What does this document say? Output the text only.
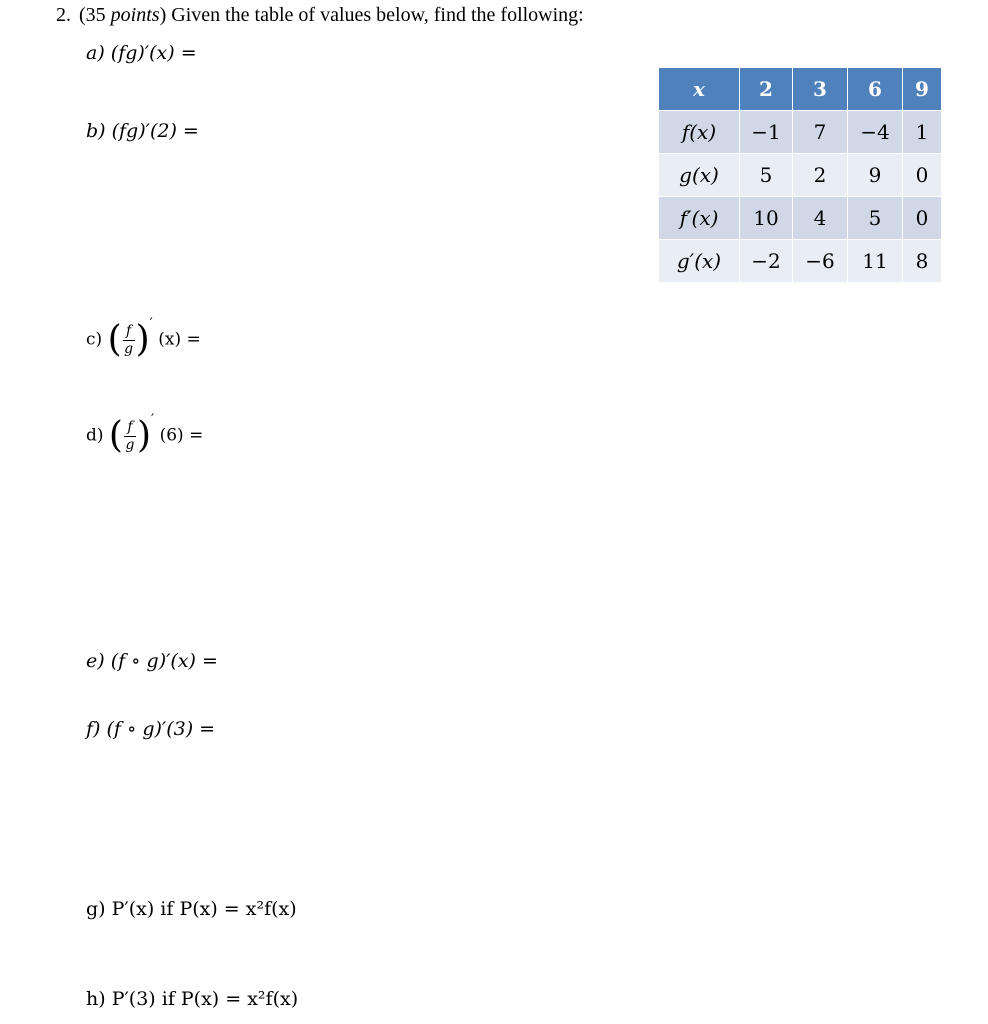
2. (35 points) Given the table of values below, find the following:
a) (fg)′(x) =
b) (fg)′(2) =
c) ( $\frac{f}{g} )'$ (x) =
d) ( $\frac{f}{g} )'$ (6) =
e) (f ∘ g)′(x) =
f) (f ∘ g)′(3) =
g) P′(x) if P(x) = x²f(x)
h) P′(3) if P(x) = x²f(x)
x	2	3	6	9
f(x)	−1	7	−4	1
g(x)	5	2	9	0
f′(x)	10	4	5	0
g′(x)	−2	−6	11	8
